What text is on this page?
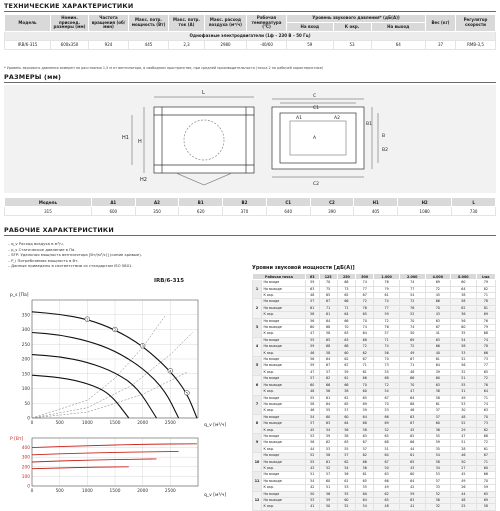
ТЕХНИЧЕСКИЕ ХАРАКТЕРИСТИКИ
Модель	Номин. присоед. размеры (мм)	Частота вращения (об/мин)	Макс. потр. мощность (Вт)	Макс. потр. ток (А)	Макс. расход воздуха (м³/ч)	Рабочая температура (°C)	Уровень звукового давления* (дБ(А))			Вес (кг)	Регулятор скорости
							На вход	К окр.	На выход		
Однофазные электродвигатели (1ф – 230 В – 50 Гц)											
IRB/6-315	600x350	924	445	2,3	2980	-40/60	59	53	64	37	RMB-3,5
* Уровень звукового давления измерен на расстоянии 1,5 м от вентилятора, в свободном пространстве, при средней производительности (точка 2 на рабочей характеристике)
РАЗМЕРЫ (мм)
L
H
H1
H2
C
C1
B
B1
B2
C2
A
A1	A2
Модель	A1	A2	B1	B2	C1	C2	H1	H2	L
315	600	350	620	370	640	390	405	1080	730
РАБОЧИЕ ХАРАКТЕРИСТИКИ
– q_v Расход воздуха в м³/ч.
– p_s Статическое давление в Па.
– SFP: Удельная мощность вентилятора [Вт/(м³/с)] (синие кривые).
– P_i Потребляемая мощность в Вт.
– Данные приведены в соответствии со стандартом ISO 5801.
IRB/6-315
p_s [Па]
q_v [м³/ч]
P [Вт]
q_v [м³/ч]
0
50
100
150
200
250
300
350
0	500	1000	1500	2000	2500
1
2
3
4
5
0
100
200
300
400
0	500	1000	1500	2000	2500
Уровни звуковой мощности [дБ(А)]
Рабочая точка		63	125	250	500	1.000	2.000	4.000	8.000	Lwa
1	На входе	59	70	68	74	76	74	69	60	79
	На выходе	63	75	73	77	79	77	72	64	82
	К окр.	48	65	65	67	61	54	45	38	71
2	На входе	57	67	66	72	74	72	66	58	78
	На выходе	61	71	71	76	77	76	70	62	81
	К окр.	58	61	64	65	59	52	43	36	69
3	На входе	56	64	66	70	72	70	63	56	76
	На выходе	60	68	70	74	76	74	67	60	79
	К окр.	47	58	63	64	57	50	41	35	68
4	На входе	55	65	63	68	71	69	63	54	74
	На выходе	59	68	68	72	74	72	66	58	78
	К окр.	46	58	60	62	56	49	40	33	66
5	На входе	56	64	62	67	70	67	61	52	73
	На выходе	59	67	67	71	73	71	64	56	77
	К окр.	47	57	59	61	55	48	39	32	65
6	На входе	57	62	61	66	68	66	60	51	72
	На выходе	60	66	66	70	72	70	63	55	76
	К окр.	48	56	58	60	54	47	38	31	64
7	На входе	55	61	61	65	67	64	58	49	71
	На выходе	58	64	65	69	70	68	61	53	74
	К окр.	46	55	57	59	53	46	37	30	63
8	На входе	54	60	60	64	66	63	57	48	70
	На выходе	57	63	64	68	69	67	60	52	73
	К окр.	45	54	56	58	52	45	36	29	62
9	На входе	53	59	58	63	65	62	55	47	68
	На выходе	56	62	63	67	68	66	59	51	72
	К окр.	44	53	55	57	51	44	35	28	61
10	На входе	52	58	57	62	64	61	54	46	67
	На выходе	55	61	62	66	67	65	58	50	71
	К окр.	43	52	54	56	50	43	34	27	60
11	На входе	51	57	56	61	63	60	53	45	66
	На выходе	54	60	61	65	66	64	57	49	70
	К окр.	42	51	53	55	49	42	33	26	59
12	На входе	50	56	55	60	62	59	52	44	65
	На выходе	53	59	60	64	65	63	56	48	69
	К окр.	41	50	52	54	48	41	32	25	58
